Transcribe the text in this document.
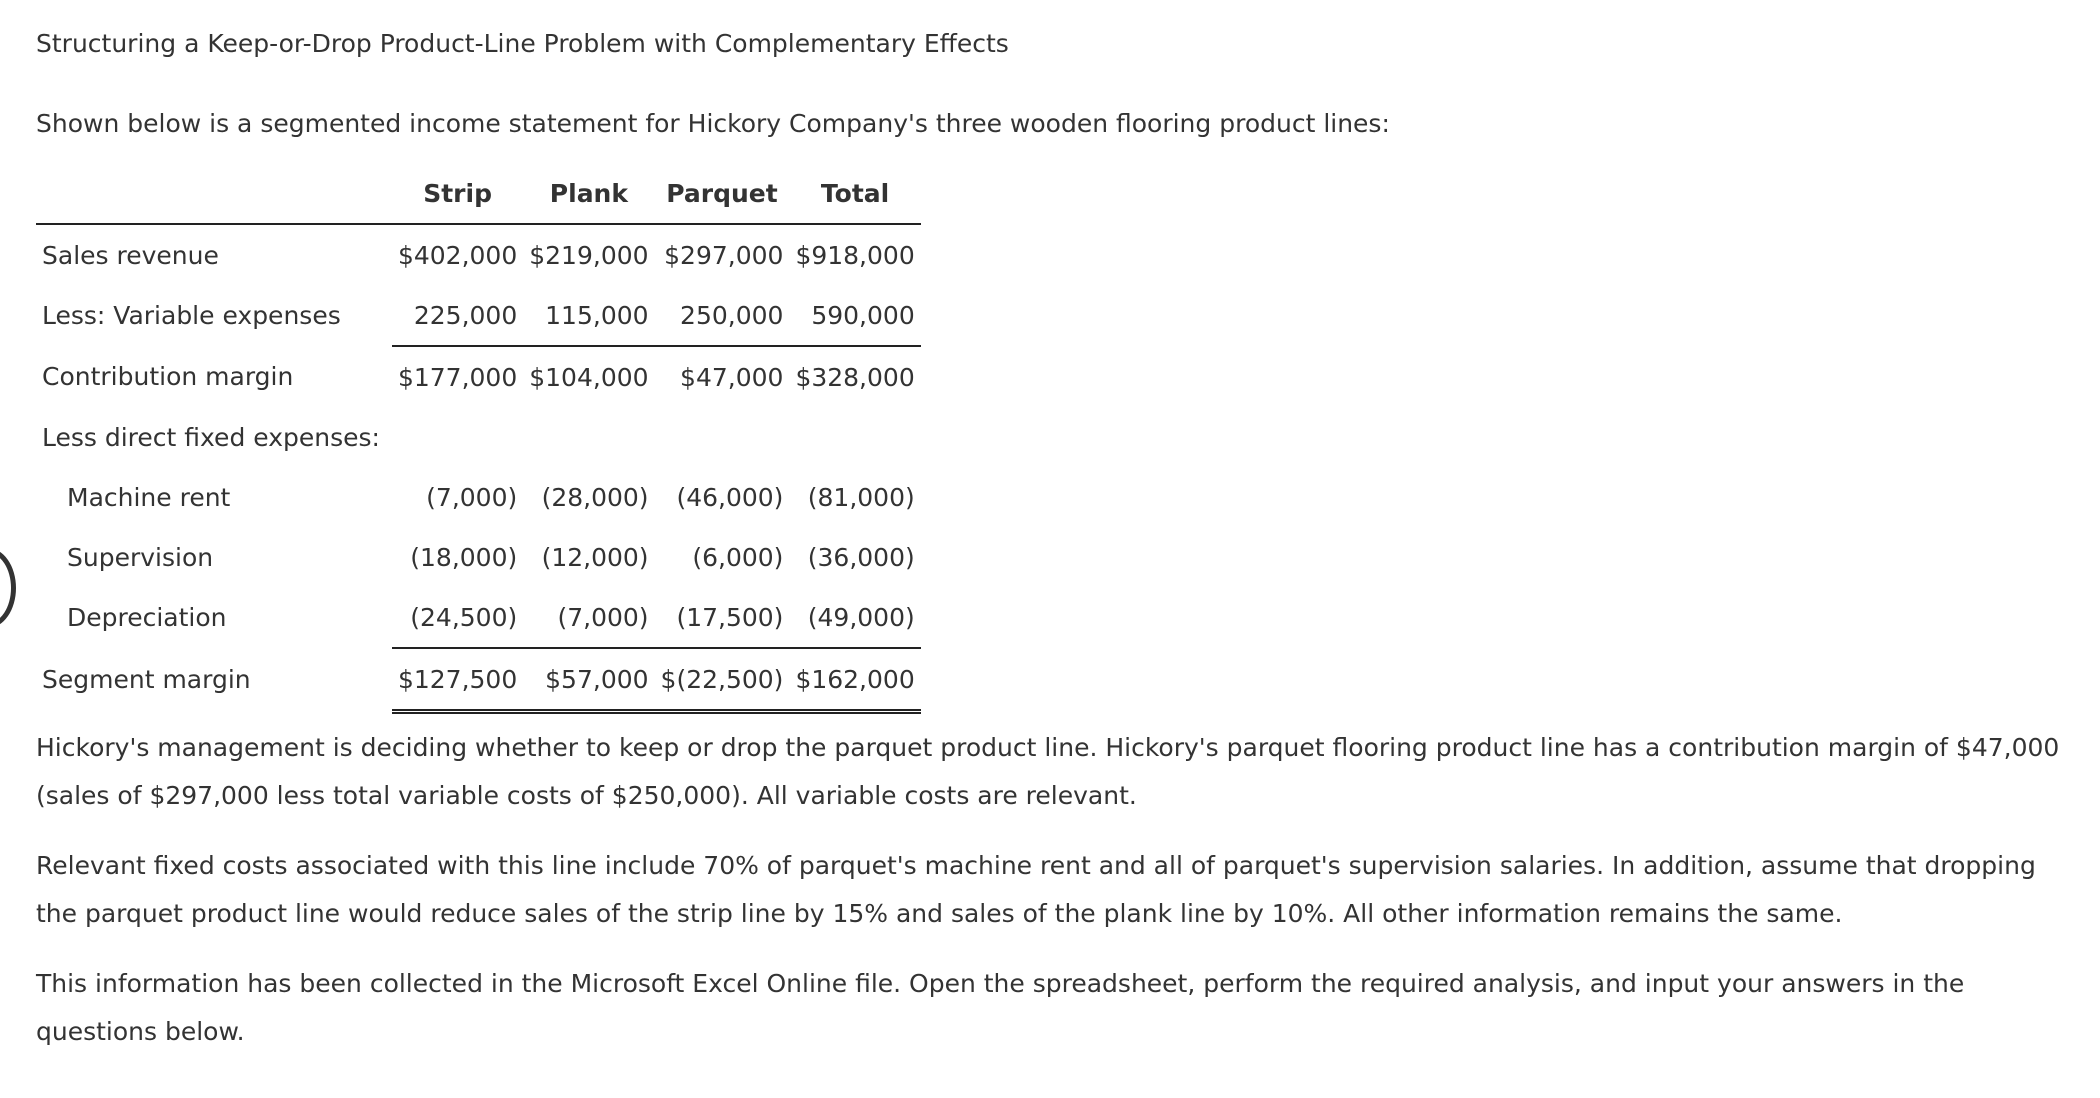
Structuring a Keep-or-Drop Product-Line Problem with Complementary Effects
Shown below is a segmented income statement for Hickory Company's three wooden flooring product lines:
	Strip	Plank	Parquet	Total
Sales revenue	$402,000	$219,000	$297,000	$918,000
Less: Variable expenses	225,000	115,000	250,000	590,000
Contribution margin	$177,000	$104,000	$47,000	$328,000
Less direct fixed expenses:				
Machine rent	(7,000)	(28,000)	(46,000)	(81,000)
Supervision	(18,000)	(12,000)	(6,000)	(36,000)
Depreciation	(24,500)	(7,000)	(17,500)	(49,000)
Segment margin	$127,500	$57,000	$(22,500)	$162,000
Hickory's management is deciding whether to keep or drop the parquet product line. Hickory's parquet flooring product line has a contribution margin of $47,000 (sales of $297,000 less total variable costs of $250,000). All variable costs are relevant.
Relevant fixed costs associated with this line include 70% of parquet's machine rent and all of parquet's supervision salaries. In addition, assume that dropping the parquet product line would reduce sales of the strip line by 15% and sales of the plank line by 10%. All other information remains the same.
This information has been collected in the Microsoft Excel Online file. Open the spreadsheet, perform the required analysis, and input your answers in the questions below.
